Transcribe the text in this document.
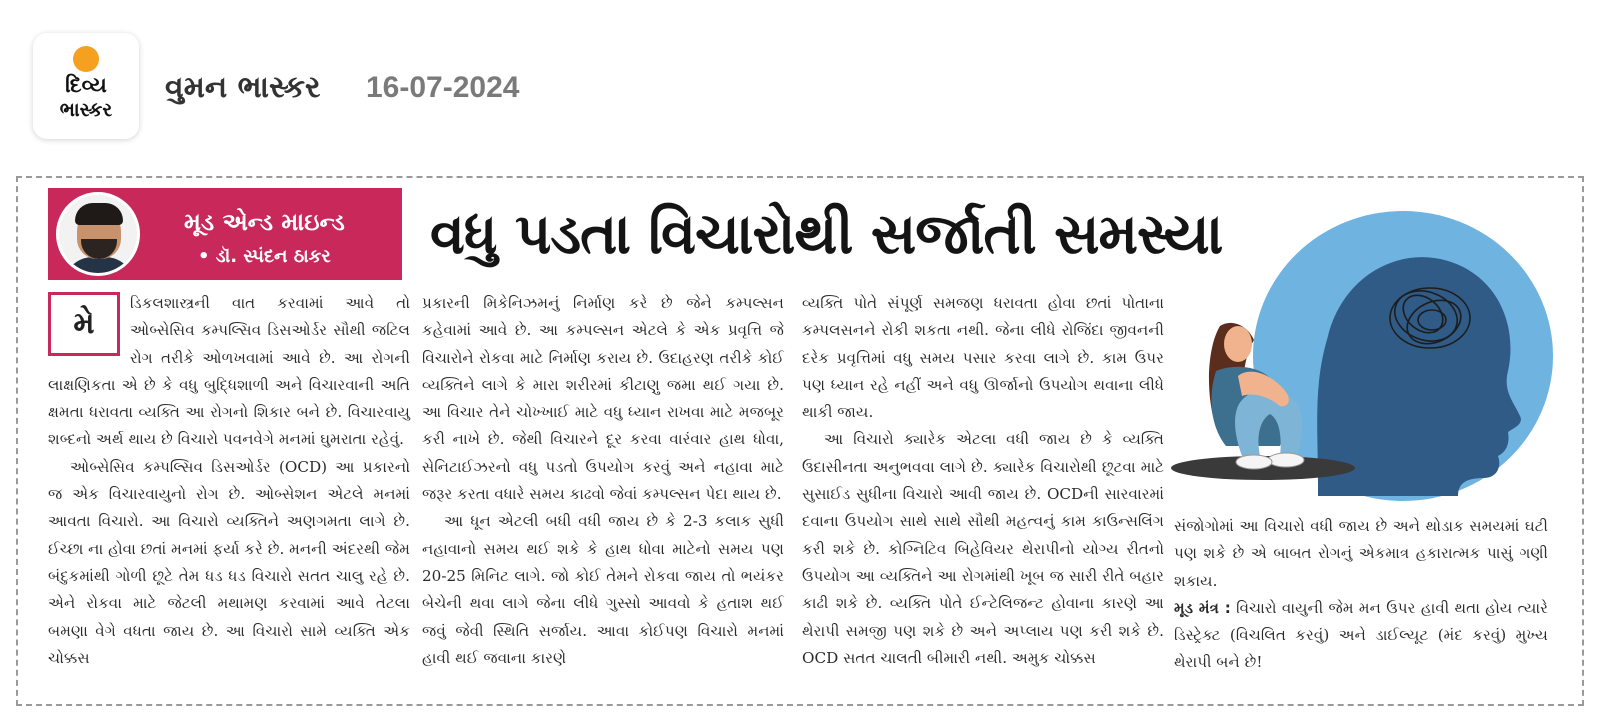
દિવ્ય
ભાસ્કર
વુમન ભાસ્કર 16-07-2024
મૂડ એન્ડ માઇન્ડ
• ડૉ. સ્પંદન ઠાકર વધુ પડતા વિચારોથી સર્જાતી સમસ્યા

મે
ડિકલશાસ્ત્રની વાત કરવામાં આવે તો ઓબ્સેસિવ કમ્પલ્સિવ ડિસઓર્ડર સૌથી જટિલ રોગ તરીકે ઓળખવામાં આવે છે. આ રોગની લાક્ષણિકતા એ છે કે વધુ બુદ્ધિશાળી અને વિચારવાની અતિ ક્ષમતા ધરાવતા વ્યક્તિ આ રોગનો શિકાર બને છે. વિચારવાયુ શબ્દનો અર્થ થાય છે વિચારો પવનવેગે મનમાં ઘુમરાતા રહેવું.

ઓબ્સેસિવ કમ્પલ્સિવ ડિસઓર્ડર (OCD) આ પ્રકારનો જ એક વિચારવાયુનો રોગ છે. ઓબ્સેશન એટલે મનમાં આવતા વિચારો. આ વિચારો વ્યક્તિને અણગમતા લાગે છે. ઈચ્છા ના હોવા છતાં મનમાં ફર્યા કરે છે. મનની અંદરથી જેમ બંદુકમાંથી ગોળી છૂટે તેમ ધડ ધડ વિચારો સતત ચાલુ રહે છે. એને રોકવા માટે જેટલી મથામણ કરવામાં આવે તેટલા બમણા વેગે વધતા જાય છે. આ વિચારો સામે વ્યક્તિ એક ચોક્કસ

પ્રકારની મિકેનિઝમનું નિર્માણ કરે છે જેને કમ્પલ્સન કહેવામાં આવે છે. આ કમ્પલ્સન એટલે કે એક પ્રવૃત્તિ જે વિચારોને રોકવા માટે નિર્માણ કરાય છે. ઉદાહરણ તરીકે કોઈ વ્યક્તિને લાગે કે મારા શરીરમાં કીટાણુ જમા થઈ ગયા છે. આ વિચાર તેને ચોખ્ખાઈ માટે વધુ ધ્યાન રાખવા માટે મજબૂર કરી નાખે છે. જેથી વિચારને દૂર કરવા વારંવાર હાથ ધોવા, સેનિટાઈઝરનો વધુ પડતો ઉપયોગ કરવું અને નહાવા માટે જરૂર કરતા વધારે સમય કાઢવો જેવાં કમ્પલ્સન પેદા થાય છે.

આ ધૂન એટલી બધી વધી જાય છે કે 2-3 કલાક સુધી નહાવાનો સમય થઈ શકે કે હાથ ધોવા માટેનો સમય પણ 20-25 મિનિટ લાગે. જો કોઈ તેમને રોકવા જાય તો ભયંકર બેચેની થવા લાગે જેના લીધે ગુસ્સો આવવો કે હતાશ થઈ જવું જેવી સ્થિતિ સર્જાય. આવા કોઈપણ વિચારો મનમાં હાવી થઈ જવાના કારણે

વ્યક્તિ પોતે સંપૂર્ણ સમજણ ધરાવતા હોવા છતાં પોતાના કમ્પલસનને રોકી શકતા નથી. જેના લીધે રોજિંદા જીવનની દરેક પ્રવૃત્તિમાં વધુ સમય પસાર કરવા લાગે છે. કામ ઉપર પણ ધ્યાન રહે નહીં અને વધુ ઊર્જાનો ઉપયોગ થવાના લીધે થાકી જાય.

આ વિચારો ક્યારેક એટલા વધી જાય છે કે વ્યક્તિ ઉદાસીનતા અનુભવવા લાગે છે. ક્યારેક વિચારોથી છૂટવા માટે સુસાઈડ સુધીના વિચારો આવી જાય છે. OCDની સારવારમાં દવાના ઉપયોગ સાથે સાથે સૌથી મહત્વનું કામ કાઉન્સલિંગ કરી શકે છે. કોગ્નિટિવ બિહેવિયર થેરાપીનો યોગ્ય રીતનો ઉપયોગ આ વ્યક્તિને આ રોગમાંથી ખૂબ જ સારી રીતે બહાર કાઢી શકે છે. વ્યક્તિ પોતે ઈન્ટેલિજન્ટ હોવાના કારણે આ થેરાપી સમજી પણ શકે છે અને અપ્લાય પણ કરી શકે છે. OCD સતત ચાલતી બીમારી નથી. અમુક ચોક્કસ

સંજોગોમાં આ વિચારો વધી જાય છે અને થોડાક સમયમાં ઘટી પણ શકે છે એ બાબત રોગનું એકમાત્ર હકારાત્મક પાસું ગણી શકાય.

મૂડ મંત્ર : વિચારો વાયુની જેમ મન ઉપર હાવી થતા હોય ત્યારે ડિસ્ટ્રેક્ટ (વિચલિત કરવું) અને ડાઈલ્યૂટ (મંદ કરવું) મુખ્ય થેરાપી બને છે!
